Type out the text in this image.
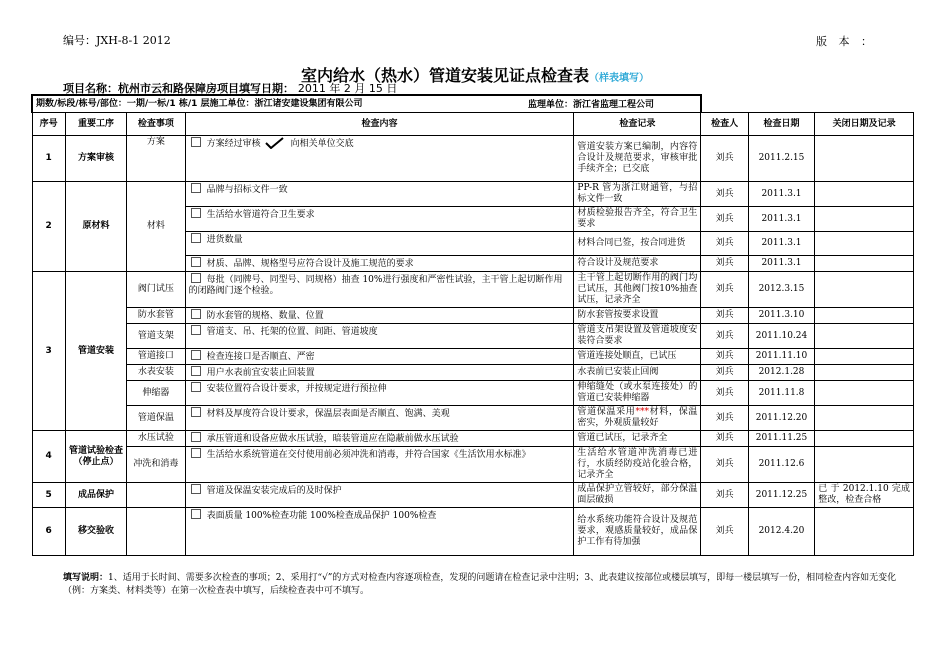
编号：JXH-8-1 2012	版 本 ：
室内给水（热水）管道安装见证点检查表（样表填写）
项目名称：杭州市云和路保障房项目填写日期： 2011 年 2 月 15 日
期数/标段/栋号/部位：一期/一标/1 栋/1 层施工单位：浙江诸安建设集团有限公司						
序号	重要工序	检查事项	检查内容	检查记录	检查人	检查日期	关闭日期及记录
1	方案审核	方案	方案经过审核 向相关单位交底	管道安装方案已编制，内容符合设计及规范要求，审核审批手续齐全；已交底	刘兵	2011.2.15	
2	原材料	材料	品牌与招标文件一致	PP-R 管为浙江财通管，与招标文件一致	刘兵	2011.3.1	
			生活给水管道符合卫生要求	材质检验报告齐全，符合卫生要求	刘兵	2011.3.1	
			进货数量	材料合同已签，按合同进货	刘兵	2011.3.1	
			材质、品牌、规格型号应符合设计及施工规范的要求	符合设计及规范要求	刘兵	2011.3.1	
3	管道安装	阀门试压	每批（同牌号、同型号、同规格）抽查 10%进行强度和严密性试验，主干管上起切断作用的闭路阀门逐个检验。	主干管上起切断作用的阀门均已试压，其他阀门按10%抽查试压，记录齐全	刘兵	2012.3.15	
		防水套管	防水套管的规格、数量、位置	防水套管按要求设置	刘兵	2011.3.10	
		管道支架	管道支、吊、托架的位置、间距、管道坡度	管道支吊架设置及管道坡度安装符合要求	刘兵	2011.10.24	
		管道接口	检查连接口是否顺直、严密	管道连接处顺直，已试压	刘兵	2011.11.10	
		水表安装	用户水表前宜安装止回装置	水表前已安装止回阀	刘兵	2012.1.28	
		伸缩器	安装位置符合设计要求，并按规定进行预拉伸	伸缩缝处（或水泵连接处）的管道已安装伸缩器	刘兵	2011.11.8	
		管道保温	材料及厚度符合设计要求，保温层表面是否顺直、饱满、美观	管道保温采用***材料，保温密实，外观质量较好	刘兵	2011.12.20	
4	管道试验检查（停止点）	水压试验	承压管道和设备应做水压试验，暗装管道应在隐蔽前做水压试验	管道已试压，记录齐全	刘兵	2011.11.25	
		冲洗和消毒	生活给水系统管道在交付使用前必须冲洗和消毒，并符合国家《生活饮用水标准》	生活给水管道冲洗消毒已进行，水质经防疫站化验合格，记录齐全	刘兵	2011.12.6	
5	成品保护		管道及保温安装完成后的及时保护	成品保护立管较好，部分保温面层破损	刘兵	2011.12.25	已 于 2012.1.10 完成整改，检查合格
6	移交验收		表面质量 100%检查功能 100%检查成品保护 100%检查	给水系统功能符合设计及规范要求，观感质量较好，成品保护工作有待加强	刘兵	2012.4.20	
监理单位：浙江省监理工程公司
填写说明：1、适用于长时间、需要多次检查的事项；2、采用打“√”的方式对检查内容逐项检查，发现的问题请在检查记录中注明；3、此表建议按部位或楼层填写，即每一楼层填写一份，相同检查内容如无变化（例：方案类、材料类等）在第一次检查表中填写，后续检查表中可不填写。
